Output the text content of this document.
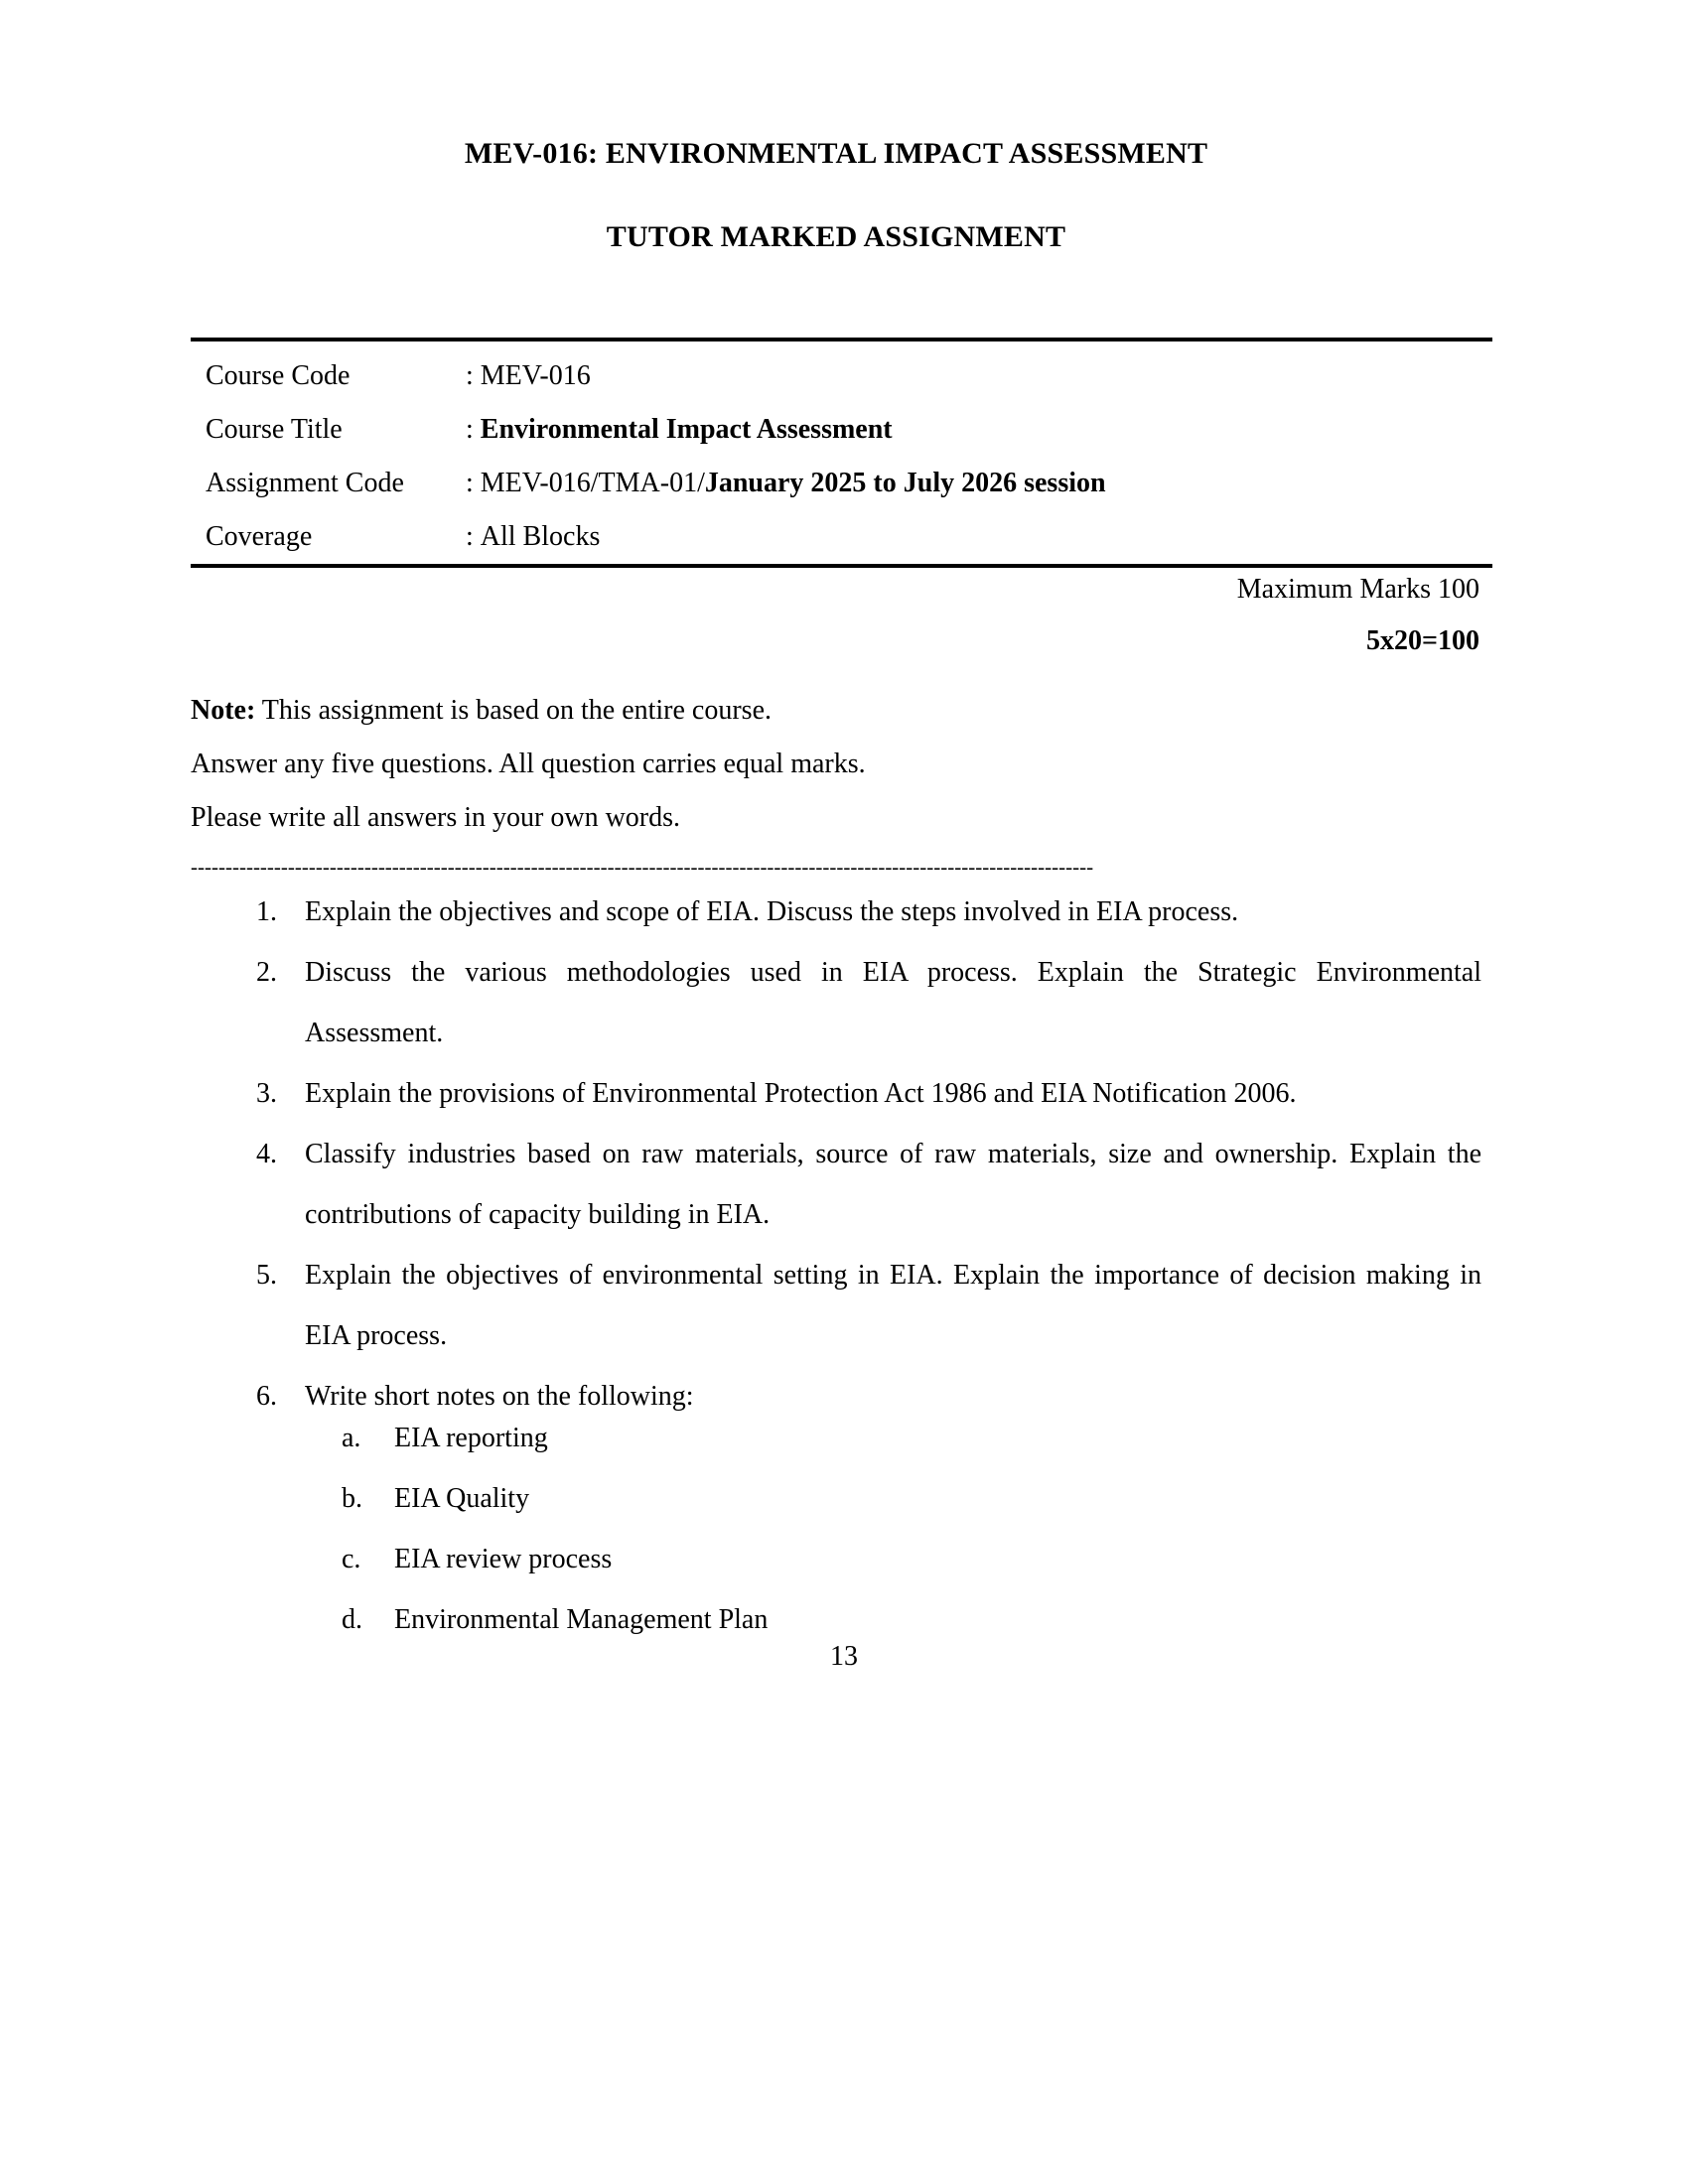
MEV-016: ENVIRONMENTAL IMPACT ASSESSMENT
TUTOR MARKED ASSIGNMENT
Course Code	: MEV-016
Course Title	: Environmental Impact Assessment
Assignment Code	: MEV-016/TMA-01/January 2025 to July 2026 session
Coverage	: All Blocks
Maximum Marks 100
5x20=100
Note: This assignment is based on the entire course.
Answer any five questions. All question carries equal marks.
Please write all answers in your own words.
----------------------------------------------------------------------------------------------------------------------------------
1.	Explain the objectives and scope of EIA. Discuss the steps involved in EIA process.
2.	Discuss the various methodologies used in EIA process. Explain the Strategic Environmental Assessment.
3.	Explain the provisions of Environmental Protection Act 1986 and EIA Notification 2006.
4.	Classify industries based on raw materials, source of raw materials, size and ownership. Explain the contributions of capacity building in EIA.
5.	Explain the objectives of environmental setting in EIA. Explain the importance of decision making in EIA process.
6.	Write short notes on the following:
a.	EIA reporting
b.	EIA Quality
c.	EIA review process
d.	Environmental Management Plan
13
